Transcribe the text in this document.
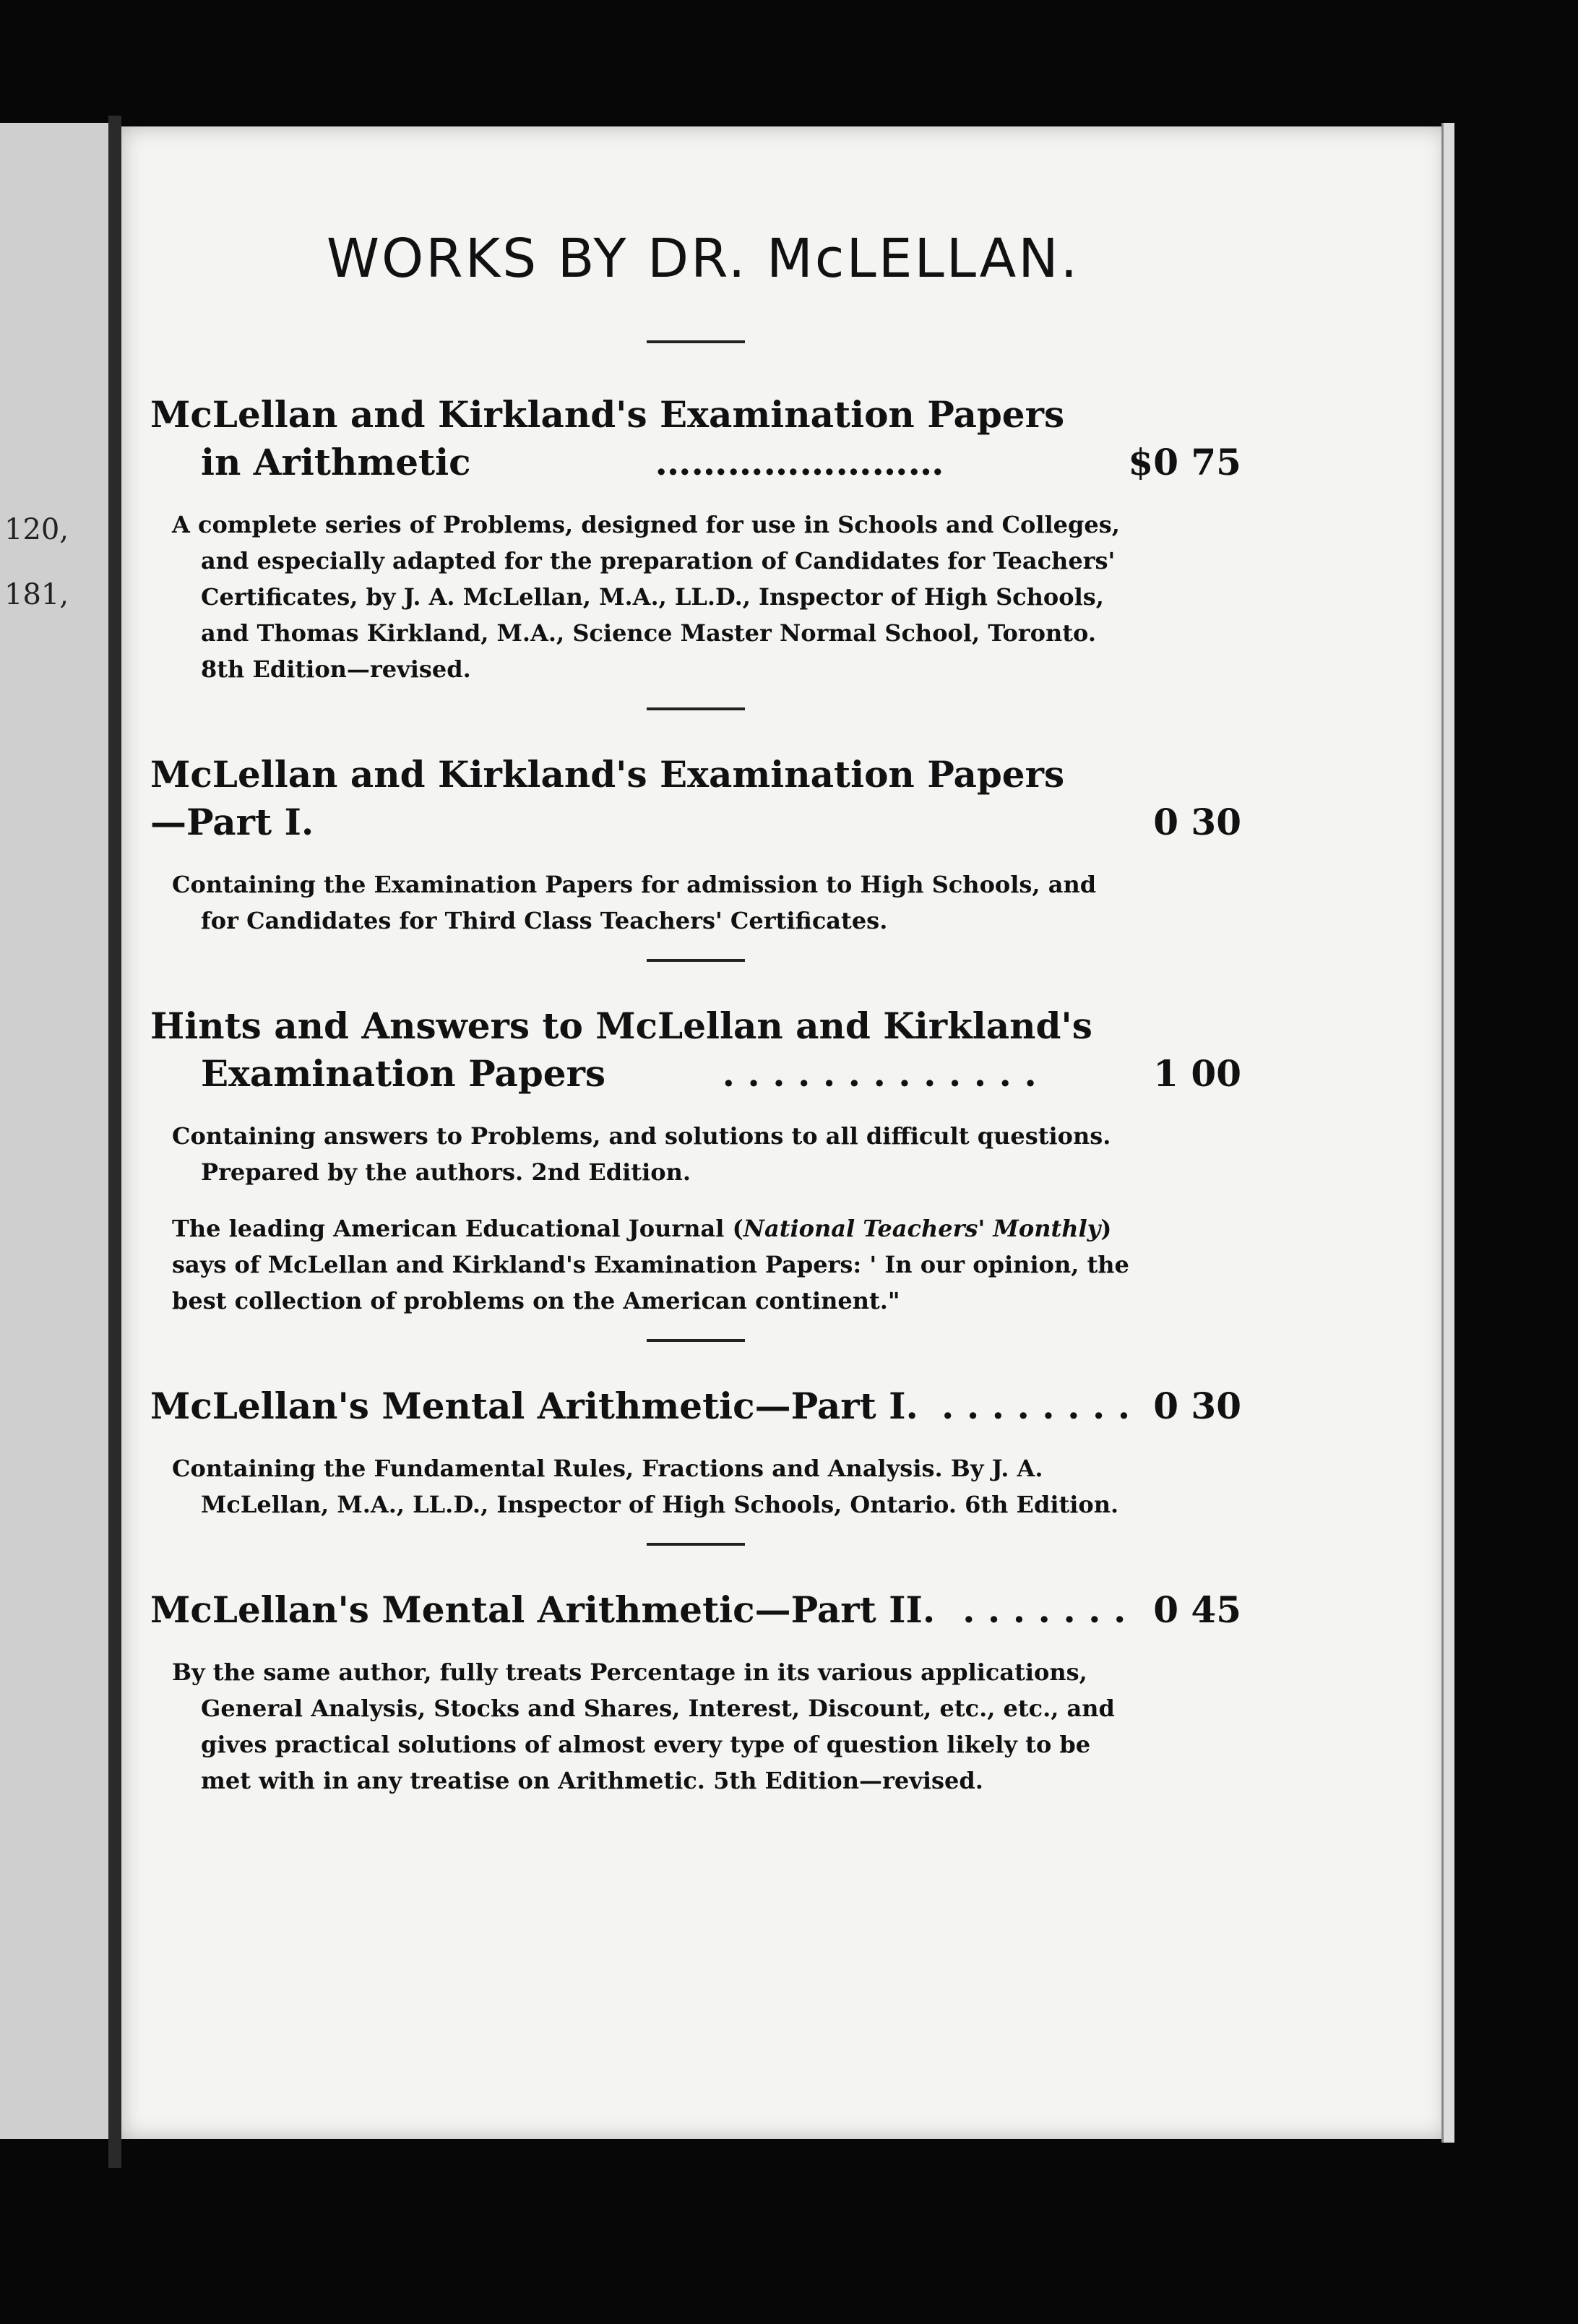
120,
181,
WORKS BY DR. McLELLAN.
McLellan and Kirkland's Examination Papers
in Arithmetic	……………………	$0 75

A complete series of Problems, designed for use in Schools and Colleges, and especially adapted for the preparation of Candidates for Teachers' Certificates, by J. A. McLellan, M.A., LL.D., Inspector of High Schools, and Thomas Kirkland, M.A., Science Master Normal School, Toronto. 8th Edition—revised.

McLellan and Kirkland's Examination Papers
—Part I.	0 30

Containing the Examination Papers for admission to High Schools, and for Candidates for Third Class Teachers' Certificates.

Hints and Answers to McLellan and Kirkland's
Examination Papers	. . . . . . . . . . . . .	1 00

Containing answers to Problems, and solutions to all difficult questions. Prepared by the authors. 2nd Edition.

The leading American Educational Journal (National Teachers' Monthly) says of McLellan and Kirkland's Examination Papers: ' In our opinion, the best collection of problems on the American continent."

McLellan's Mental Arithmetic—Part I. . . . . . . . . 0 30

Containing the Fundamental Rules, Fractions and Analysis. By J. A. McLellan, M.A., LL.D., Inspector of High Schools, Ontario. 6th Edition.

McLellan's Mental Arithmetic—Part II. . . . . . . . 0 45

By the same author, fully treats Percentage in its various applications, General Analysis, Stocks and Shares, Interest, Discount, etc., etc., and gives practical solutions of almost every type of question likely to be met with in any treatise on Arithmetic. 5th Edition—revised.
